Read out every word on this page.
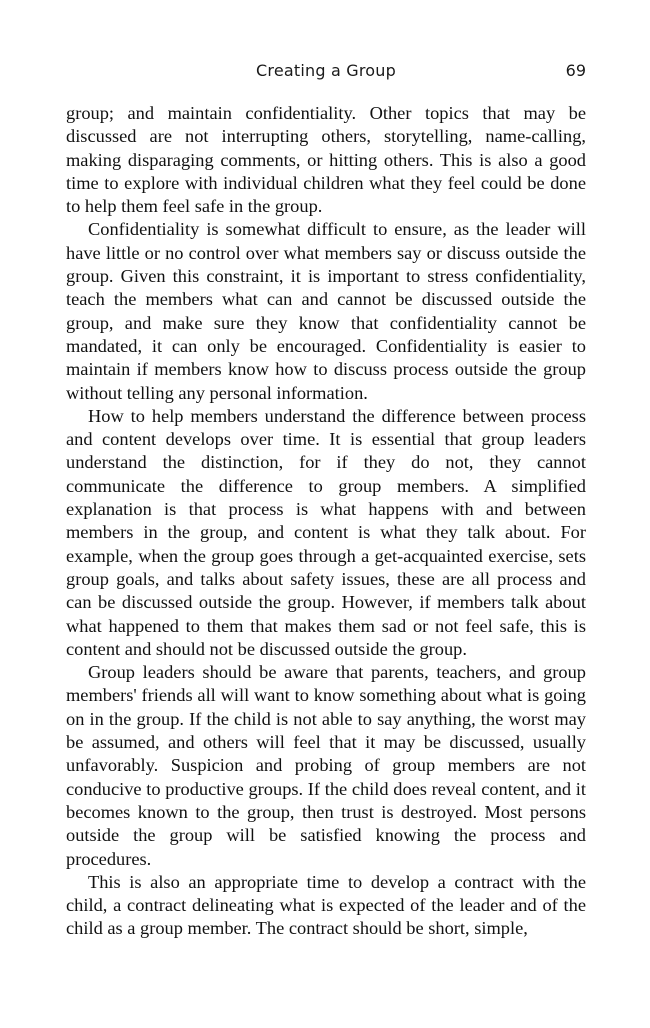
Creating a Group	69

group; and maintain confidentiality. Other topics that may be discussed are not interrupting others, storytelling, name-calling, making disparaging comments, or hitting others. This is also a good time to explore with individual children what they feel could be done to help them feel safe in the group.

Confidentiality is somewhat difficult to ensure, as the leader will have little or no control over what members say or discuss outside the group. Given this constraint, it is important to stress confidentiality, teach the members what can and cannot be discussed outside the group, and make sure they know that confidentiality cannot be mandated, it can only be encouraged. Confidentiality is easier to maintain if members know how to discuss process outside the group without telling any personal information.

How to help members understand the difference between process and content develops over time. It is essential that group leaders understand the distinction, for if they do not, they cannot communicate the difference to group members. A simplified explanation is that process is what happens with and between members in the group, and content is what they talk about. For example, when the group goes through a get-acquainted exercise, sets group goals, and talks about safety issues, these are all process and can be discussed outside the group. However, if members talk about what happened to them that makes them sad or not feel safe, this is content and should not be discussed outside the group.

Group leaders should be aware that parents, teachers, and group members' friends all will want to know something about what is going on in the group. If the child is not able to say anything, the worst may be assumed, and others will feel that it may be discussed, usually unfavorably. Suspicion and probing of group members are not conducive to productive groups. If the child does reveal content, and it becomes known to the group, then trust is destroyed. Most persons outside the group will be satisfied knowing the process and procedures.

This is also an appropriate time to develop a contract with the child, a contract delineating what is expected of the leader and of the child as a group member. The contract should be short, simple,
